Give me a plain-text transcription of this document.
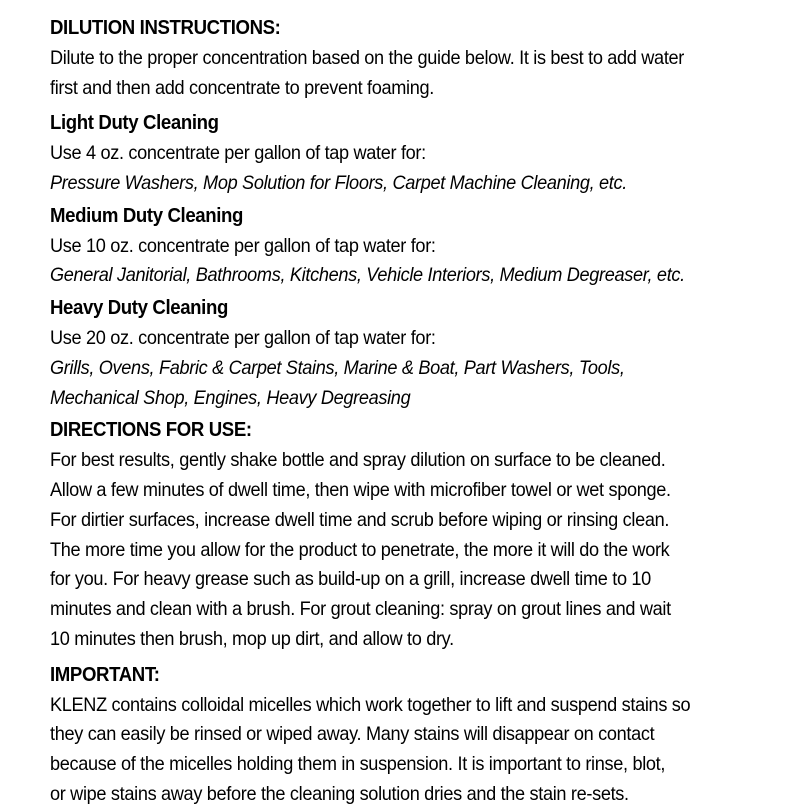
DILUTION INSTRUCTIONS:

Dilute to the proper concentration based on the guide below. It is best to add water
first and then add concentrate to prevent foaming.

Light Duty Cleaning

Use 4 oz. concentrate per gallon of tap water for:

Pressure Washers, Mop Solution for Floors, Carpet Machine Cleaning, etc.

Medium Duty Cleaning

Use 10 oz. concentrate per gallon of tap water for:

General Janitorial, Bathrooms, Kitchens, Vehicle Interiors, Medium Degreaser, etc.

Heavy Duty Cleaning

Use 20 oz. concentrate per gallon of tap water for:

Grills, Ovens, Fabric & Carpet Stains, Marine & Boat, Part Washers, Tools,
Mechanical Shop, Engines, Heavy Degreasing

DIRECTIONS FOR USE:

For best results, gently shake bottle and spray dilution on surface to be cleaned.
Allow a few minutes of dwell time, then wipe with microfiber towel or wet sponge.
For dirtier surfaces, increase dwell time and scrub before wiping or rinsing clean.
The more time you allow for the product to penetrate, the more it will do the work
for you. For heavy grease such as build-up on a grill, increase dwell time to 10
minutes and clean with a brush. For grout cleaning: spray on grout lines and wait
10 minutes then brush, mop up dirt, and allow to dry.

IMPORTANT:

KLENZ contains colloidal micelles which work together to lift and suspend stains so
they can easily be rinsed or wiped away. Many stains will disappear on contact
because of the micelles holding them in suspension. It is important to rinse, blot,
or wipe stains away before the cleaning solution dries and the stain re-sets.
